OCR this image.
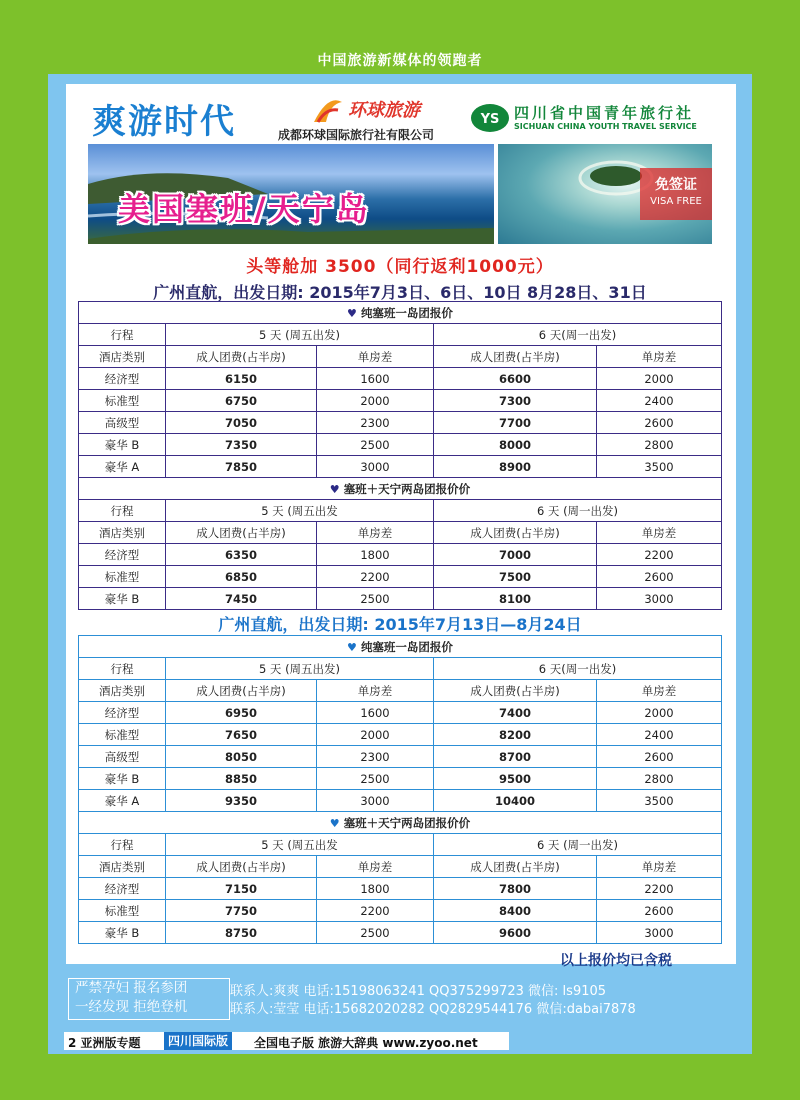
中国旅游新媒体的领跑者
爽游时代	环球旅游
成都环球国际旅行社有限公司
YS 四川省中国青年旅行社
SICHUAN CHINA YOUTH TRAVEL SERVICE
美国塞班/天宁岛
免签证
VISA FREE
头等舱加 3500（同行返利1000元）
广州直航，出发日期: 2015年7月3日、6日、10日 8月28日、31日
♥ 纯塞班一岛团报价				
行程	5 天 (周五出发)		6 天(周一出发)	
酒店类别	成人团费(占半房)	单房差	成人团费(占半房)	单房差
经济型	6150	1600	6600	2000
标准型	6750	2000	7300	2400
高级型	7050	2300	7700	2600
豪华 B	7350	2500	8000	2800
豪华 A	7850	3000	8900	3500
♥ 塞班＋天宁两岛团报价价				
行程	5 天 (周五出发		6 天 (周一出发)	
酒店类别	成人团费(占半房)	单房差	成人团费(占半房)	单房差
经济型	6350	1800	7000	2200
标准型	6850	2200	7500	2600
豪华 B	7450	2500	8100	3000
广州直航，出发日期: 2015年7月13日—8月24日
♥ 纯塞班一岛团报价				
行程	5 天 (周五出发)		6 天(周一出发)	
酒店类别	成人团费(占半房)	单房差	成人团费(占半房)	单房差
经济型	6950	1600	7400	2000
标准型	7650	2000	8200	2400
高级型	8050	2300	8700	2600
豪华 B	8850	2500	9500	2800
豪华 A	9350	3000	10400	3500
♥ 塞班＋天宁两岛团报价价				
行程	5 天 (周五出发		6 天 (周一出发)	
酒店类别	成人团费(占半房)	单房差	成人团费(占半房)	单房差
经济型	7150	1800	7800	2200
标准型	7750	2200	8400	2600
豪华 B	8750	2500	9600	3000
以上报价均已含税
严禁孕妇 报名参团
一经发现 拒绝登机
联系人:爽爽 电话:15198063241 QQ375299723 微信: ls9105
联系人:莹莹 电话:15682020282 QQ2829544176 微信:dabai7878
2 亚洲版专题	四川国际版	全国电子版 旅游大辞典 www.zyoo.net
